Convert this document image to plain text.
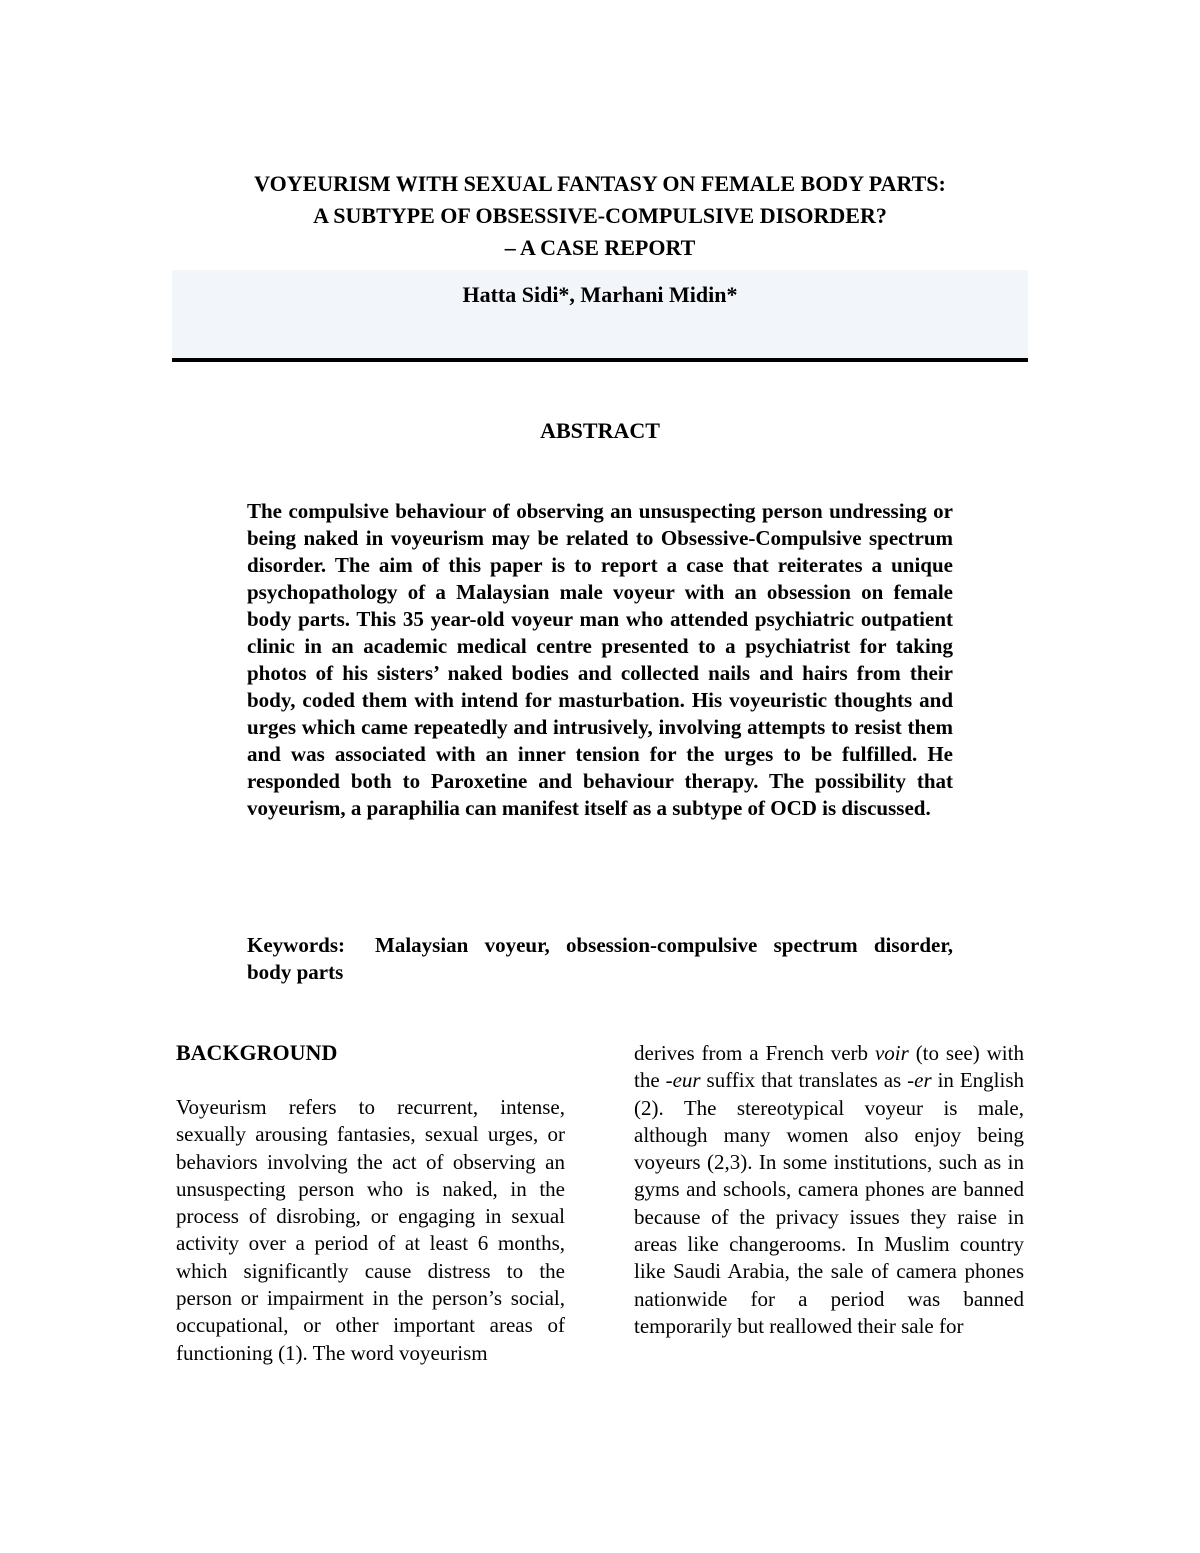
VOYEURISM WITH SEXUAL FANTASY ON FEMALE BODY PARTS:
A SUBTYPE OF OBSESSIVE-COMPULSIVE DISORDER?
– A CASE REPORT
Hatta Sidi*, Marhani Midin*
ABSTRACT

The compulsive behaviour of observing an unsuspecting person undressing or being naked in voyeurism may be related to Obsessive-Compulsive spectrum disorder. The aim of this paper is to report a case that reiterates a unique psychopathology of a Malaysian male voyeur with an obsession on female body parts. This 35 year-old voyeur man who attended psychiatric outpatient clinic in an academic medical centre presented to a psychiatrist for taking photos of his sisters’ naked bodies and collected nails and hairs from their body, coded them with intend for masturbation. His voyeuristic thoughts and urges which came repeatedly and intrusively, involving attempts to resist them and was associated with an inner tension for the urges to be fulfilled. He responded both to Paroxetine and behaviour therapy. The possibility that voyeurism, a paraphilia can manifest itself as a subtype of OCD is discussed.

Keywords: Malaysian voyeur, obsession-compulsive spectrum disorder, body parts

BACKGROUND

Voyeurism refers to recurrent, intense, sexually arousing fantasies, sexual urges, or behaviors involving the act of observing an unsuspecting person who is naked, in the process of disrobing, or engaging in sexual activity over a period of at least 6 months, which significantly cause distress to the person or impairment in the person’s social, occupational, or other important areas of functioning (1). The word voyeurism

derives from a French verb voir (to see) with the -eur suffix that translates as -er in English (2). The stereotypical voyeur is male, although many women also enjoy being voyeurs (2,3). In some institutions, such as in gyms and schools, camera phones are banned because of the privacy issues they raise in areas like changerooms. In Muslim country like Saudi Arabia, the sale of camera phones nationwide for a period was banned temporarily but reallowed their sale for
